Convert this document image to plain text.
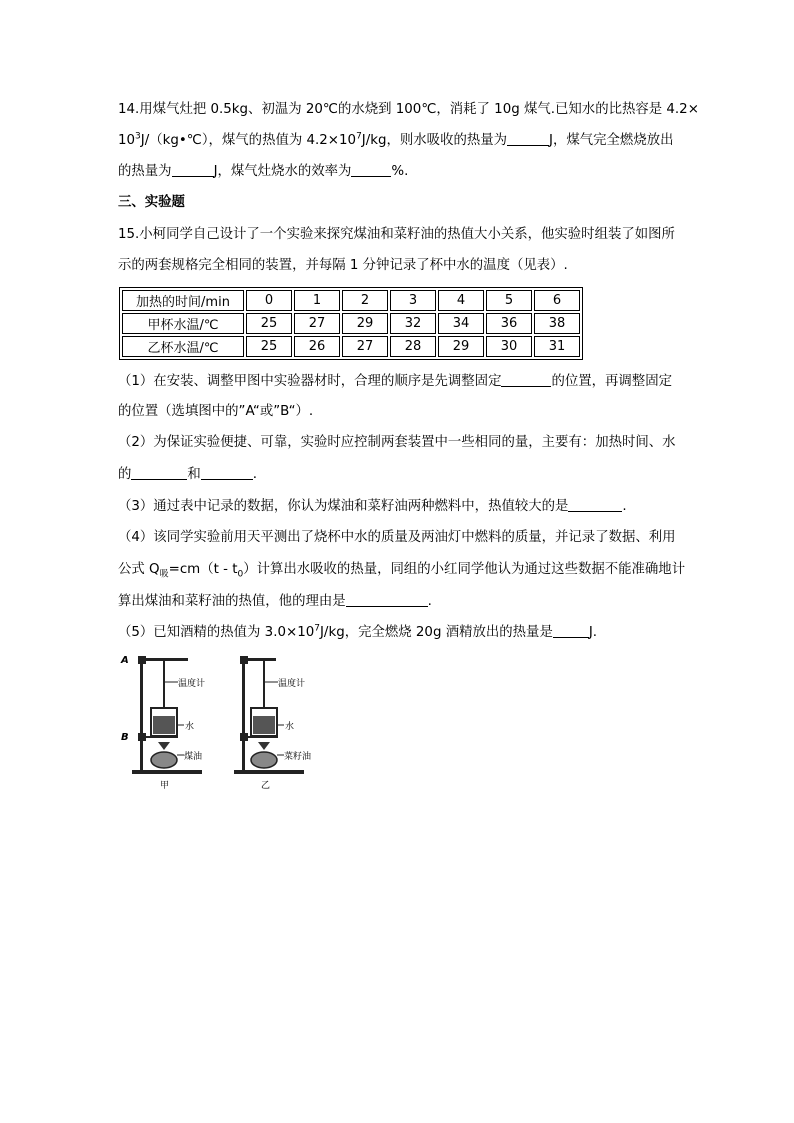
14.用煤气灶把 0.5kg、初温为 20℃的水烧到 100℃，消耗了 10g 煤气.已知水的比热容是 4.2×
$10^3J/(kg•℃)$，煤气的热值为 $4.2\times 10^7J/kg$，则水吸收的热量为	J，煤气完全燃烧放出
的热量为	J，煤气灶烧水的效率为	%.
三、实验题
15.小柯同学自己设计了一个实验来探究煤油和菜籽油的热值大小关系，他实验时组装了如图所
示的两套规格完全相同的装置，并每隔 1 分钟记录了杯中水的温度（见表）.
加热的时间/min	0	1	2	3	4	5	6
甲杯水温/℃	25	27	29	32	34	36	38
乙杯水温/℃	25	26	27	28	29	30	31
（1）在安装、调整甲图中实验器材时，合理的顺序是先调整固定	的位置，再调整固定
的位置（选填图中的”A“或”B“）.
（2）为保证实验便捷、可靠，实验时应控制两套装置中一些相同的量，主要有：加热时间、水
的	和	.
（3）通过表中记录的数据，你认为煤油和菜籽油两种燃料中，热值较大的是	.
（4）该同学实验前用天平测出了烧杯中水的质量及两油灯中燃料的质量，并记录了数据、利用
公式 $Q_吸=cm(t - t_0)$计算出水吸收的热量，同组的小红同学他认为通过这些数据不能准确地计
算出煤油和菜籽油的热值，他的理由是	.
（5）已知酒精的热值为 $3.0\times 10^7J/kg$，完全燃烧 20g 酒精放出的热量是	J.
温度计
水
煤油
甲
A
B
温度计
水
菜籽油
乙
